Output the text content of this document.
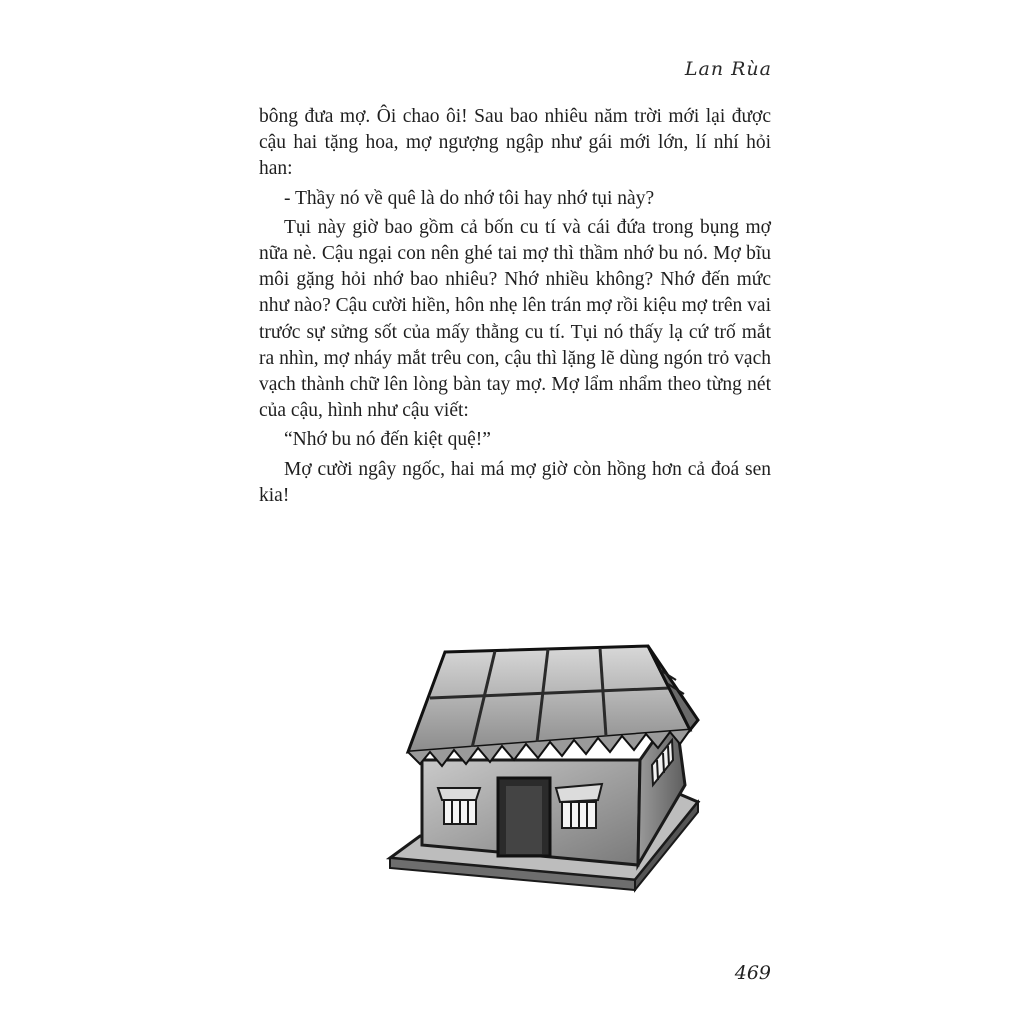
Lan Rùa

bông đưa mợ. Ôi chao ôi! Sau bao nhiêu năm trời mới lại được cậu hai tặng hoa, mợ ngượng ngập như gái mới lớn, lí nhí hỏi han:

- Thầy nó về quê là do nhớ tôi hay nhớ tụi này?

Tụi này giờ bao gồm cả bốn cu tí và cái đứa trong bụng mợ nữa nè. Cậu ngại con nên ghé tai mợ thì thầm nhớ bu nó. Mợ bĩu môi gặng hỏi nhớ bao nhiêu? Nhớ nhiều không? Nhớ đến mức như nào? Cậu cười hiền, hôn nhẹ lên trán mợ rồi kiệu mợ trên vai trước sự sửng sốt của mấy thằng cu tí. Tụi nó thấy lạ cứ trố mắt ra nhìn, mợ nháy mắt trêu con, cậu thì lặng lẽ dùng ngón trỏ vạch vạch thành chữ lên lòng bàn tay mợ. Mợ lẩm nhẩm theo từng nét của cậu, hình như cậu viết:

“Nhớ bu nó đến kiệt quệ!”

Mợ cười ngây ngốc, hai má mợ giờ còn hồng hơn cả đoá sen kia!

469
